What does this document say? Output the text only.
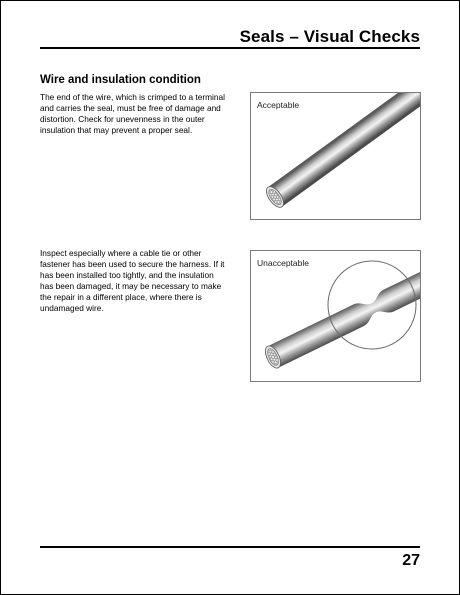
Seals – Visual Checks
Wire and insulation condition
The end of the wire, which is crimped to a terminal and carries the seal, must be free of damage and distortion. Check for unevenness in the outer insulation that may prevent a proper seal.
Acceptable
Inspect especially where a cable tie or other fastener has been used to secure the harness. If it has been installed too tightly, and the insulation has been damaged, it may be necessary to make the repair in a different place, where there is undamaged wire.
Unacceptable
27
